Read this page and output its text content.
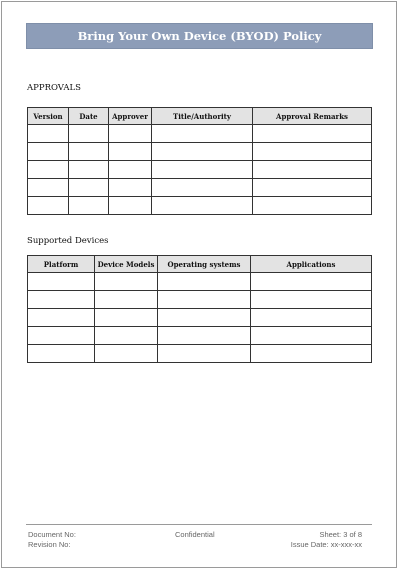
Bring Your Own Device (BYOD) Policy
APPROVALS
Version	Date	Approver	Title/Authority	Approval Remarks

Supported Devices
Platform	Device Models	Operating systems	Applications

Document No:
Revision No:
Confidential	Sheet: 3 of 8
Issue Date: xx-xxx-xx
